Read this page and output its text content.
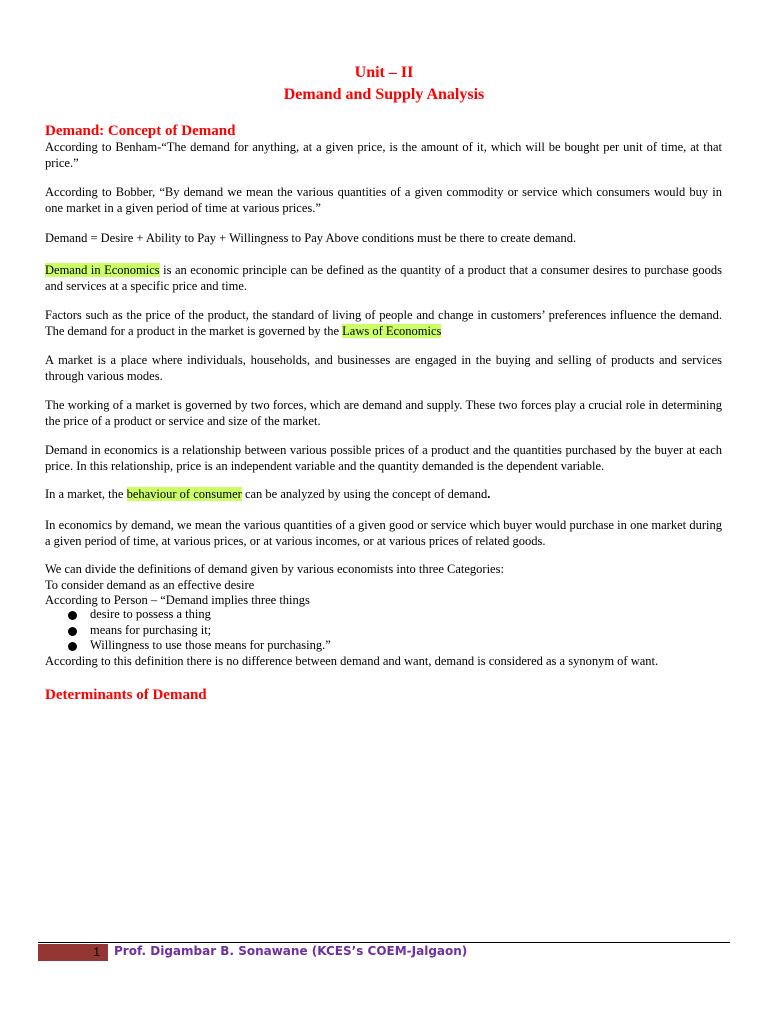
Unit – II
Demand and Supply Analysis
Demand: Concept of Demand

According to Benham-“The demand for anything, at a given price, is the amount of it, which will be bought per unit of time, at that price.”

According to Bobber, “By demand we mean the various quantities of a given commodity or service which consumers would buy in one market in a given period of time at various prices.”

Demand = Desire + Ability to Pay + Willingness to Pay Above conditions must be there to create demand.

Demand in Economics is an economic principle can be defined as the quantity of a product that a consumer desires to purchase goods and services at a specific price and time.

Factors such as the price of the product, the standard of living of people and change in customers’ preferences influence the demand. The demand for a product in the market is governed by the Laws of Economics

A market is a place where individuals, households, and businesses are engaged in the buying and selling of products and services through various modes.

The working of a market is governed by two forces, which are demand and supply. These two forces play a crucial role in determining the price of a product or service and size of the market.

Demand in economics is a relationship between various possible prices of a product and the quantities purchased by the buyer at each price. In this relationship, price is an independent variable and the quantity demanded is the dependent variable.

In a market, the behaviour of consumer can be analyzed by using the concept of demand.

In economics by demand, we mean the various quantities of a given good or service which buyer would purchase in one market during a given period of time, at various prices, or at various incomes, or at various prices of related goods.

We can divide the definitions of demand given by various economists into three Categories:
To consider demand as an effective desire
According to Person – “Demand implies three things

desire to possess a thing
means for purchasing it;
Willingness to use those means for purchasing.”

According to this definition there is no difference between demand and want, demand is considered as a synonym of want.

Determinants of Demand
1 Prof. Digambar B. Sonawane (KCES’s COEM-Jalgaon)
